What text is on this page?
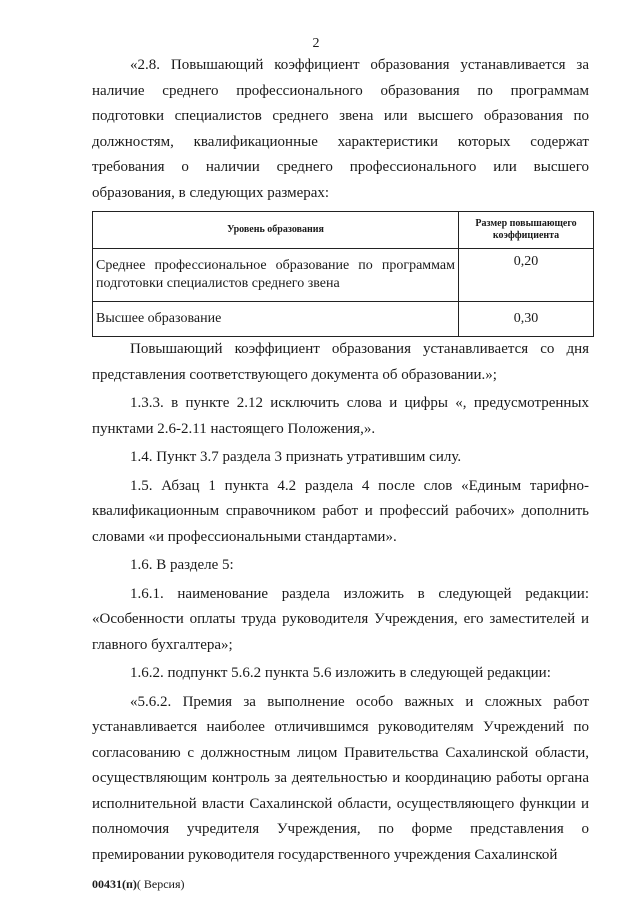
2

«2.8. Повышающий коэффициент образования устанавливается за наличие среднего профессионального образования по программам подготовки специалистов среднего звена или высшего образования по должностям, квалификационные характеристики которых содержат требования о наличии среднего профессионального или высшего образования, в следующих размерах:

Уровень образования	Размер повышающего коэффициента
Среднее профессиональное образование по программам подготовки специалистов среднего звена	0,20
Высшее образование	0,30

Повышающий коэффициент образования устанавливается со дня представления соответствующего документа об образовании.»;

1.3.3. в пункте 2.12 исключить слова и цифры «, предусмотренных пунктами 2.6-2.11 настоящего Положения,».

1.4. Пункт 3.7 раздела 3 признать утратившим силу.

1.5. Абзац 1 пункта 4.2 раздела 4 после слов «Единым тарифно-квалификационным справочником работ и профессий рабочих» дополнить словами «и профессиональными стандартами».

1.6. В разделе 5:

1.6.1. наименование раздела изложить в следующей редакции: «Особенности оплаты труда руководителя Учреждения, его заместителей и главного бухгалтера»;

1.6.2. подпункт 5.6.2 пункта 5.6 изложить в следующей редакции:

«5.6.2. Премия за выполнение особо важных и сложных работ устанавливается наиболее отличившимся руководителям Учреждений по согласованию с должностным лицом Правительства Сахалинской области, осуществляющим контроль за деятельностью и координацию работы органа исполнительной власти Сахалинской области, осуществляющего функции и полномочия учредителя Учреждения, по форме представления о премировании руководителя государственного учреждения Сахалинской

00431(п)( Версия)
